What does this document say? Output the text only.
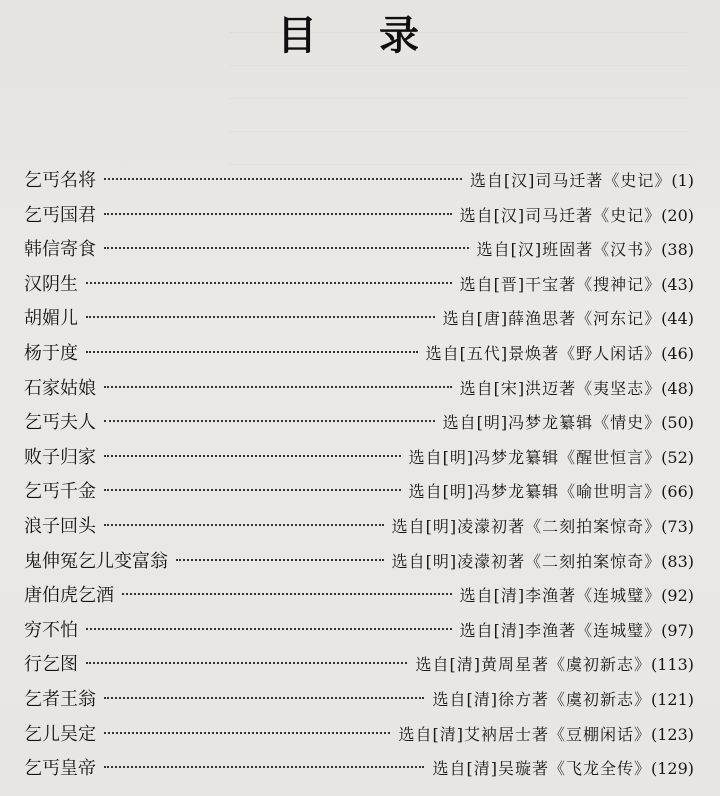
目 录
乞丐名将	选自[汉]司马迁著《史记》 (1)
乞丐国君	选自[汉]司马迁著《史记》 (20)
韩信寄食	选自[汉]班固著《汉书》 (38)
汉阴生	选自[晋]干宝著《搜神记》 (43)
胡媚儿	选自[唐]薛渔思著《河东记》 (44)
杨于度	选自[五代]景焕著《野人闲话》 (46)
石家姑娘	选自[宋]洪迈著《夷坚志》 (48)
乞丐夫人	选自[明]冯梦龙纂辑《情史》 (50)
败子归家	选自[明]冯梦龙纂辑《醒世恒言》 (52)
乞丐千金	选自[明]冯梦龙纂辑《喻世明言》 (66)
浪子回头	选自[明]凌濛初著《二刻拍案惊奇》 (73)
鬼伸冤乞儿变富翁	选自[明]凌濛初著《二刻拍案惊奇》 (83)
唐伯虎乞酒	选自[清]李渔著《连城璧》 (92)
穷不怕	选自[清]李渔著《连城璧》 (97)
行乞图	选自[清]黄周星著《虞初新志》 (113)
乞者王翁	选自[清]徐方著《虞初新志》 (121)
乞儿吴定	选自[清]艾衲居士著《豆棚闲话》 (123)
乞丐皇帝	选自[清]吴璇著《飞龙全传》 (129)
